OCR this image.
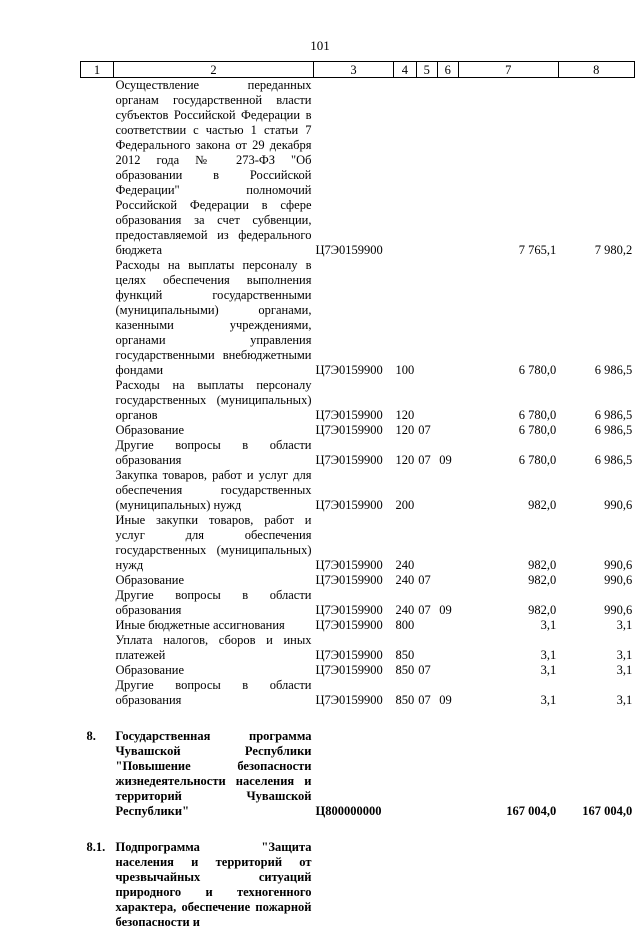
101
1	2	3	4	5	6	7	8
	Осуществление переданных органам государственной власти субъектов Российской Федерации в соответствии с частью 1 статьи 7 Федерального закона от 29 декабря 2012 года № 273-ФЗ "Об образовании в Российской Федерации" полномочий Российской Федерации в сфере образования за счет субвенции, предоставляемой из федерального бюджета	Ц7Э0159900				7 765,1	7 980,2
	Расходы на выплаты персоналу в целях обеспечения выполнения функций государственными (муниципальными) органами, казенными учреждениями, органами управления государственными внебюджетными фондами	Ц7Э0159900	100			6 780,0	6 986,5
	Расходы на выплаты персоналу государственных (муниципальных) органов	Ц7Э0159900	120			6 780,0	6 986,5
	Образование	Ц7Э0159900	120	07		6 780,0	6 986,5
	Другие вопросы в области образования	Ц7Э0159900	120	07	09	6 780,0	6 986,5
	Закупка товаров, работ и услуг для обеспечения государственных (муниципальных) нужд	Ц7Э0159900	200			982,0	990,6
	Иные закупки товаров, работ и услуг для обеспечения государственных (муниципальных) нужд	Ц7Э0159900	240			982,0	990,6
	Образование	Ц7Э0159900	240	07		982,0	990,6
	Другие вопросы в области образования	Ц7Э0159900	240	07	09	982,0	990,6
	Иные бюджетные ассигнования	Ц7Э0159900	800			3,1	3,1
	Уплата налогов, сборов и иных платежей	Ц7Э0159900	850			3,1	3,1
	Образование	Ц7Э0159900	850	07		3,1	3,1
	Другие вопросы в области образования	Ц7Э0159900	850	07	09	3,1	3,1

8.	Государственная программа Чувашской Республики "Повышение безопасности жизнедеятельности населения и территорий Чувашской Республики"	Ц800000000				167 004,0	167 004,0

8.1.	Подпрограмма "Защита населения и территорий от чрезвычайных ситуаций природного и техногенного характера, обеспечение пожарной безопасности и						
